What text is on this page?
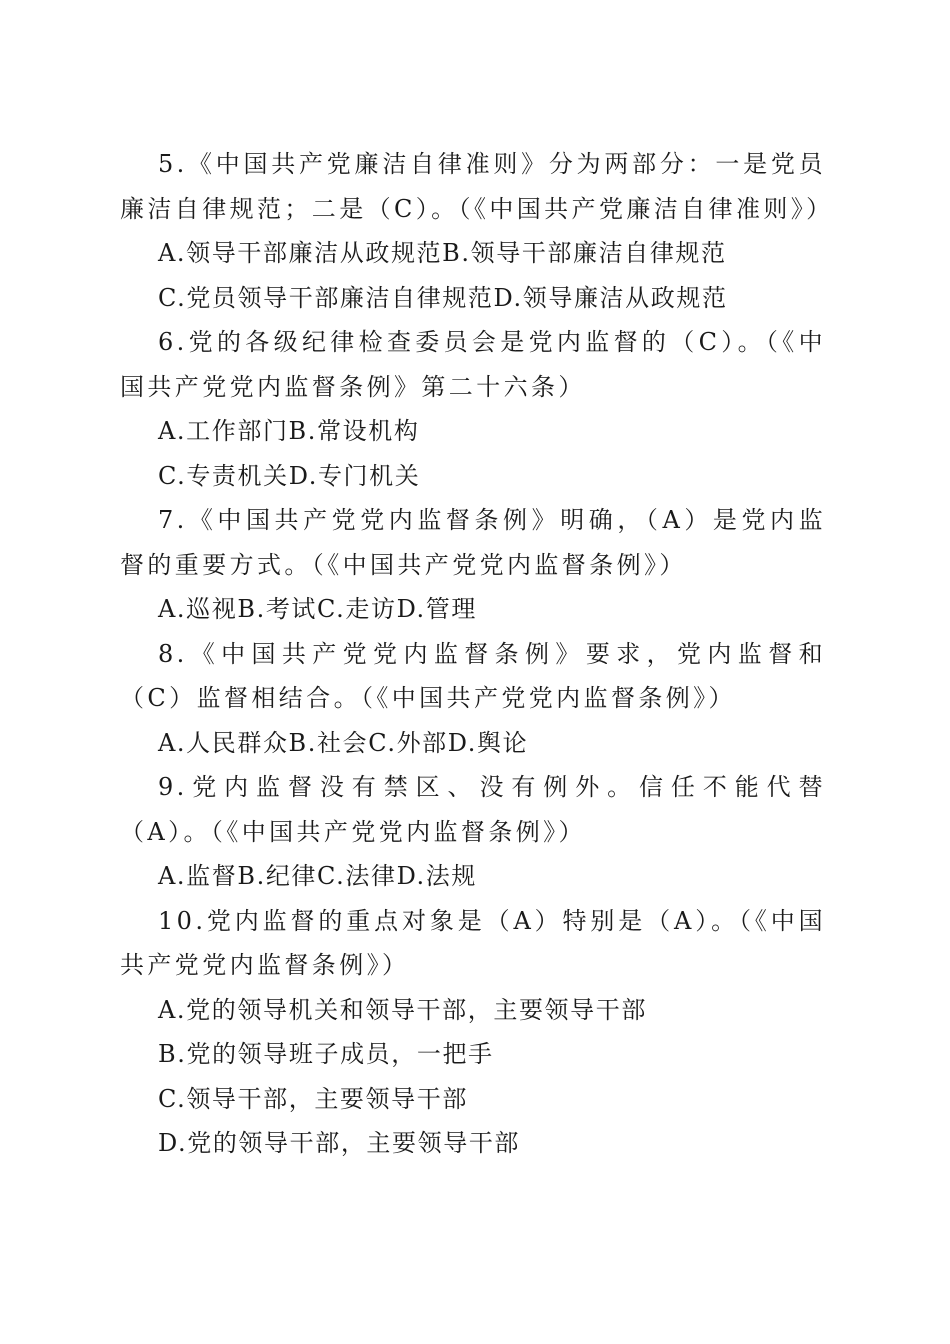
5.《中国共产党廉洁自律准则》分为两部分：一是党员廉洁自律规范；二是（C）。（《中国共产党廉洁自律准则》）

A.领导干部廉洁从政规范B.领导干部廉洁自律规范

C.党员领导干部廉洁自律规范D.领导廉洁从政规范

6.党的各级纪律检查委员会是党内监督的（C）。（《中国共产党党内监督条例》第二十六条）

A.工作部门B.常设机构

C.专责机关D.专门机关

7.《中国共产党党内监督条例》明确，（A）是党内监督的重要方式。（《中国共产党党内监督条例》）

A.巡视B.考试C.走访D.管理

8.《中国共产党党内监督条例》要求，党内监督和（C）监督相结合。（《中国共产党党内监督条例》）

A.人民群众B.社会C.外部D.舆论

9.党内监督没有禁区、没有例外。信任不能代替（A）。（《中国共产党党内监督条例》）

A.监督B.纪律C.法律D.法规

10.党内监督的重点对象是（A）特别是（A）。（《中国共产党党内监督条例》）

A.党的领导机关和领导干部，主要领导干部

B.党的领导班子成员，一把手

C.领导干部，主要领导干部

D.党的领导干部，主要领导干部
